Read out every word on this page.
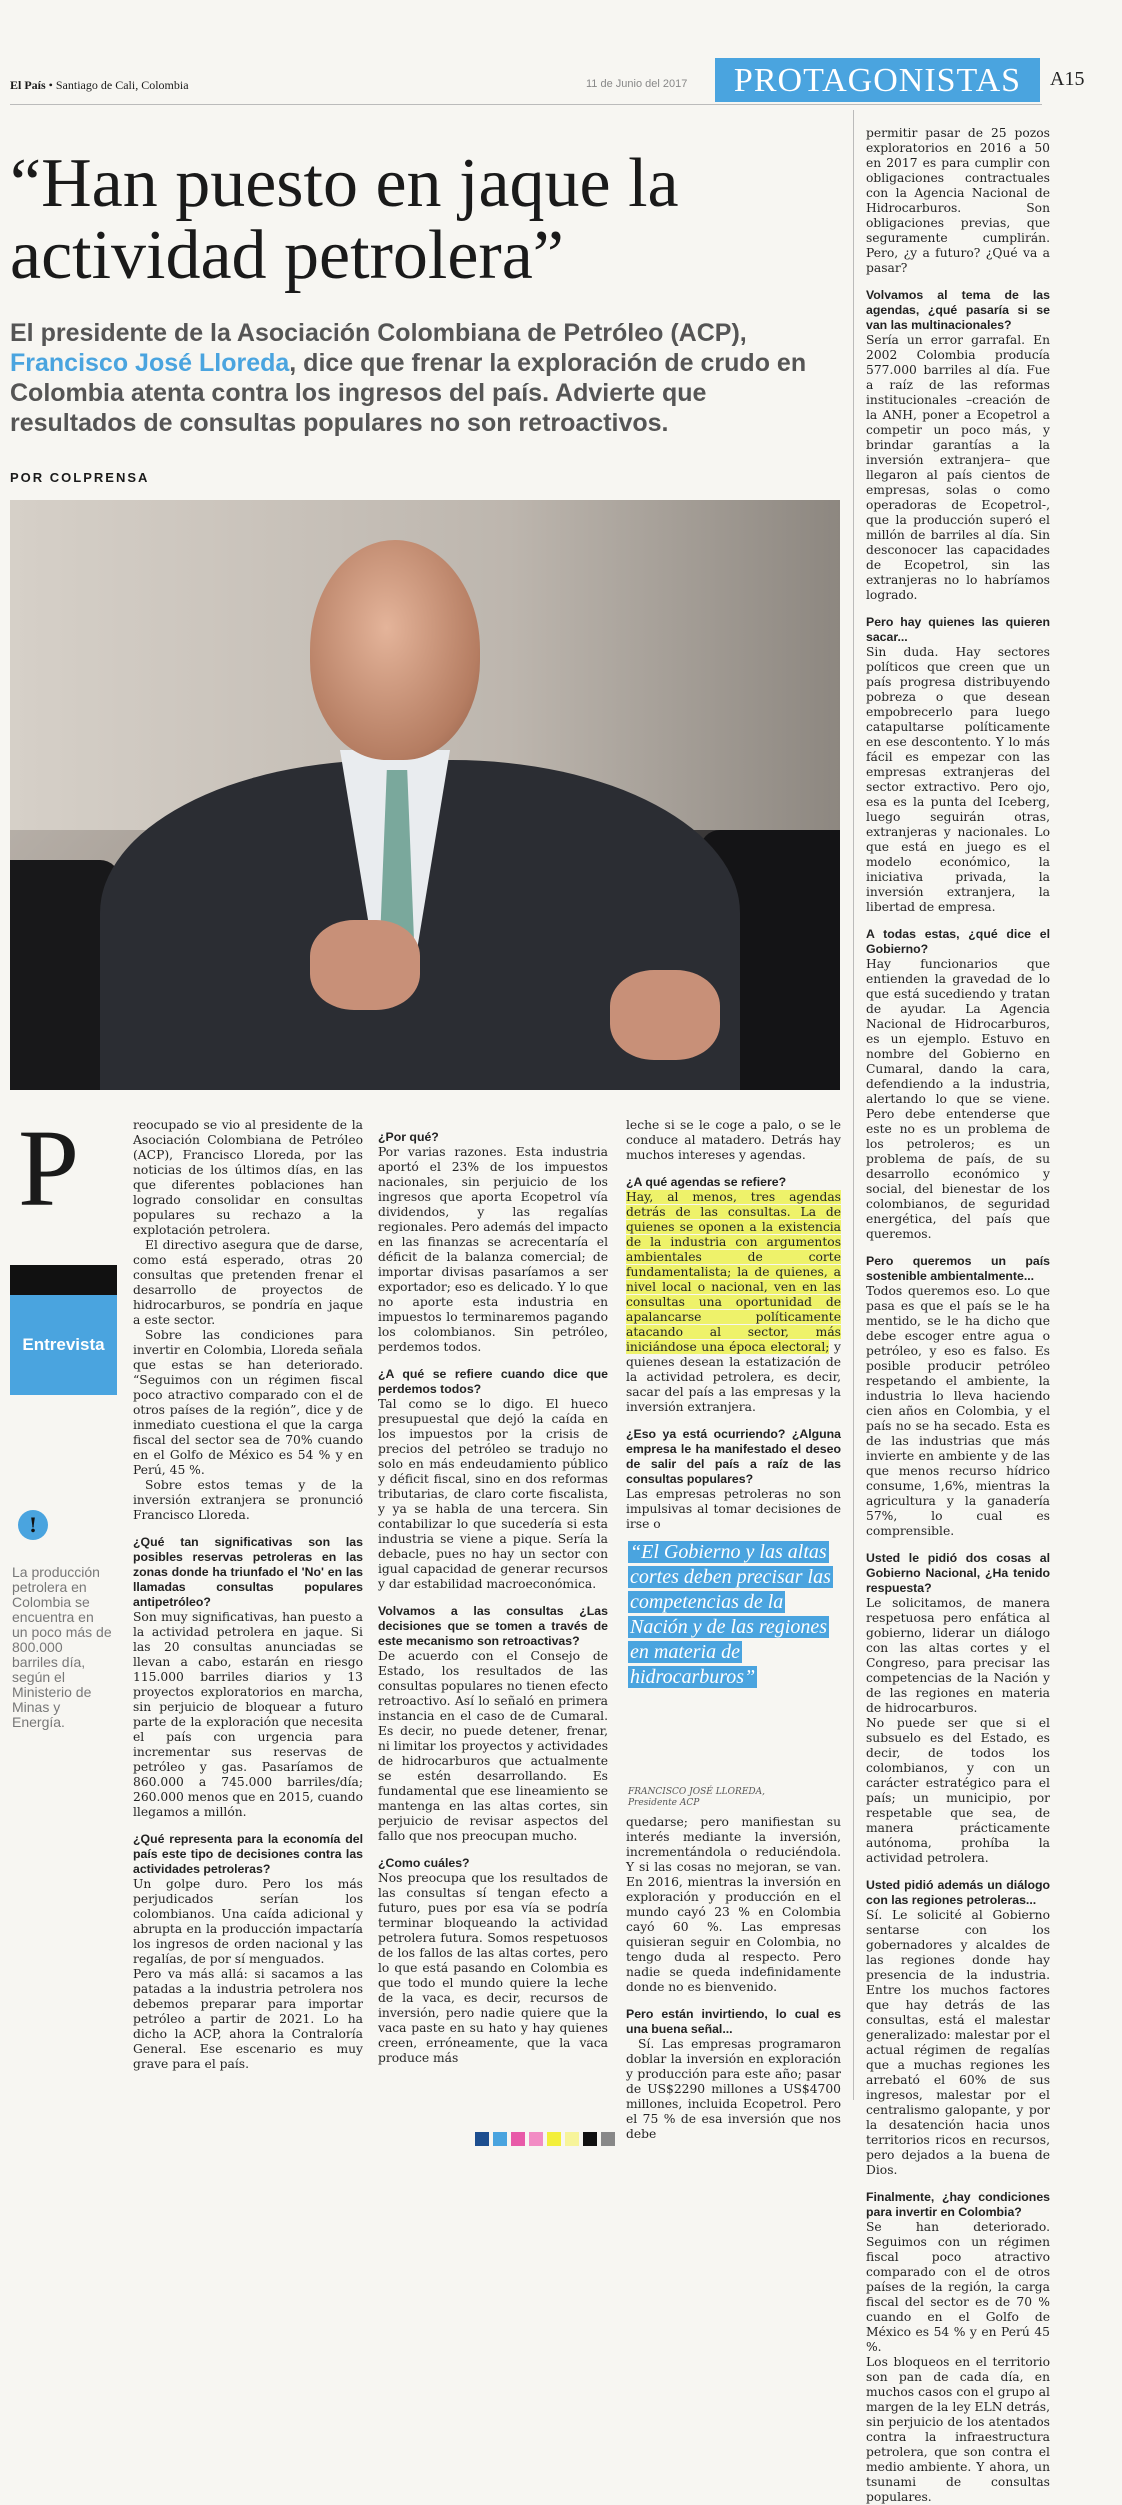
El País • Santiago de Cali, Colombia	11 de Junio del 2017	PROTAGONISTAS	A15
“Han puesto en jaque la actividad petrolera”
El presidente de la Asociación Colombiana de Petróleo (ACP), Francisco José Lloreda, dice que frenar la exploración de crudo en Colombia atenta contra los ingresos del país. Advierte que resultados de consultas populares no son retroactivos.
POR COLPRENSA
P
Entrevista
!
La producción petrolera en Colombia se encuentra en un poco más de 800.000 barriles día, según el Ministerio de Minas y Energía.

reocupado se vio al presidente de la Asociación Colombiana de Petróleo (ACP), Francisco Lloreda, por las noticias de los últimos días, en las que diferentes poblaciones han logrado consolidar en consultas populares su rechazo a la explotación petrolera.

El directivo asegura que de darse, como está esperado, otras 20 consultas que pretenden frenar el desarrollo de proyectos de hidrocarburos, se pondría en jaque a este sector.

Sobre las condiciones para invertir en Colombia, Lloreda señala que estas se han deteriorado. “Seguimos con un régimen fiscal poco atractivo comparado con el de otros países de la región”, dice y de inmediato cuestiona el que la carga fiscal del sector sea de 70% cuando en el Golfo de México es 54 % y en Perú, 45 %.

Sobre estos temas y de la inversión extranjera se pronunció Francisco Lloreda.

¿Qué tan significativas son las posibles reservas petroleras en las zonas donde ha triunfado el 'No' en las llamadas consultas populares antipetróleo?

Son muy significativas, han puesto a la actividad petrolera en jaque. Si las 20 consultas anunciadas se llevan a cabo, estarán en riesgo 115.000 barriles diarios y 13 proyectos exploratorios en marcha, sin perjuicio de bloquear a futuro parte de la exploración que necesita el país con urgencia para incrementar sus reservas de petróleo y gas. Pasaríamos de 860.000 a 745.000 barriles/día; 260.000 menos que en 2015, cuando llegamos a millón.

¿Qué representa para la economía del país este tipo de decisiones contra las actividades petroleras?

Un golpe duro. Pero los más perjudicados serían los colombianos. Una caída adicional y abrupta en la producción impactaría los ingresos de orden nacional y las regalías, de por sí menguados.

Pero va más allá: si sacamos a las patadas a la industria petrolera nos debemos preparar para importar petróleo a partir de 2021. Lo ha dicho la ACP, ahora la Contraloría General. Ese escenario es muy grave para el país.

¿Por qué?

Por varias razones. Esta industria aportó el 23% de los impuestos nacionales, sin perjuicio de los ingresos que aporta Ecopetrol vía dividendos, y las regalías regionales. Pero además del impacto en las finanzas se acrecentaría el déficit de la balanza comercial; de importar divisas pasaríamos a ser exportador; eso es delicado. Y lo que no aporte esta industria en impuestos lo terminaremos pagando los colombianos. Sin petróleo, perdemos todos.

¿A qué se refiere cuando dice que perdemos todos?

Tal como se lo digo. El hueco presupuestal que dejó la caída en los impuestos por la crisis de precios del petróleo se tradujo no solo en más endeudamiento público y déficit fiscal, sino en dos reformas tributarias, de claro corte fiscalista, y ya se habla de una tercera. Sin contabilizar lo que sucedería si esta industria se viene a pique. Sería la debacle, pues no hay un sector con igual capacidad de generar recursos y dar estabilidad macroeconómica.

Volvamos a las consultas ¿Las decisiones que se tomen a través de este mecanismo son retroactivas?

De acuerdo con el Consejo de Estado, los resultados de las consultas populares no tienen efecto retroactivo. Así lo señaló en primera instancia en el caso de de Cumaral. Es decir, no puede detener, frenar, ni limitar los proyectos y actividades de hidrocarburos que actualmente se estén desarrollando. Es fundamental que ese lineamiento se mantenga en las altas cortes, sin perjuicio de revisar aspectos del fallo que nos preocupan mucho.

¿Como cuáles?

Nos preocupa que los resultados de las consultas sí tengan efecto a futuro, pues por esa vía se podría terminar bloqueando la actividad petrolera futura. Somos respetuosos de los fallos de las altas cortes, pero lo que está pasando en Colombia es que todo el mundo quiere la leche de la vaca, es decir, recursos de inversión, pero nadie quiere que la vaca paste en su hato y hay quienes creen, erróneamente, que la vaca produce más

leche si se le coge a palo, o se le conduce al matadero. Detrás hay muchos intereses y agendas.

¿A qué agendas se refiere?

Hay, al menos, tres agendas detrás de las consultas. La de quienes se oponen a la existencia de la industria con argumentos ambientales de corte fundamentalista; la de quienes, a nivel local o nacional, ven en las consultas una oportunidad de apalancarse políticamente atacando al sector, más iniciándose una época electoral; y quienes desean la estatización de la actividad petrolera, es decir, sacar del país a las empresas y la inversión extranjera.

¿Eso ya está ocurriendo? ¿Alguna empresa le ha manifestado el deseo de salir del país a raíz de las consultas populares?

Las empresas petroleras no son impulsivas al tomar decisiones de irse o

“El Gobierno y las altas cortes deben precisar las competencias de la Nación y de las regiones en materia de hidrocarburos”
FRANCISCO JOSÉ LLOREDA,
Presidente ACP

quedarse; pero manifiestan su interés mediante la inversión, incrementándola o reduciéndola. Y si las cosas no mejoran, se van. En 2016, mientras la inversión en exploración y producción en el mundo cayó 23 % en Colombia cayó 60 %. Las empresas quisieran seguir en Colombia, no tengo duda al respecto. Pero nadie se queda indefinidamente donde no es bienvenido.

Pero están invirtiendo, lo cual es una buena señal...

Sí. Las empresas programaron doblar la inversión en exploración y producción para este año; pasar de US$2290 millones a US$4700 millones, incluida Ecopetrol. Pero el 75 % de esa inversión que nos debe

permitir pasar de 25 pozos exploratorios en 2016 a 50 en 2017 es para cumplir con obligaciones contractuales con la Agencia Nacional de Hidrocarburos. Son obligaciones previas, que seguramente cumplirán. Pero, ¿y a futuro? ¿Qué va a pasar?

Volvamos al tema de las agendas, ¿qué pasaría si se van las multinacionales?

Sería un error garrafal. En 2002 Colombia producía 577.000 barriles al día. Fue a raíz de las reformas institucionales –creación de la ANH, poner a Ecopetrol a competir un poco más, y brindar garantías a la inversión extranjera– que llegaron al país cientos de empresas, solas o como operadoras de Ecopetrol-, que la producción superó el millón de barriles al día. Sin desconocer las capacidades de Ecopetrol, sin las extranjeras no lo habríamos logrado.

Pero hay quienes las quieren sacar...

Sin duda. Hay sectores políticos que creen que un país progresa distribuyendo pobreza o que desean empobrecerlo para luego catapultarse políticamente en ese descontento. Y lo más fácil es empezar con las empresas extranjeras del sector extractivo. Pero ojo, esa es la punta del Iceberg, luego seguirán otras, extranjeras y nacionales. Lo que está en juego es el modelo económico, la iniciativa privada, la inversión extranjera, la libertad de empresa.

A todas estas, ¿qué dice el Gobierno?

Hay funcionarios que entienden la gravedad de lo que está sucediendo y tratan de ayudar. La Agencia Nacional de Hidrocarburos, es un ejemplo. Estuvo en nombre del Gobierno en Cumaral, dando la cara, defendiendo a la industria, alertando lo que se viene. Pero debe entenderse que este no es un problema de los petroleros; es un problema de país, de su desarrollo económico y social, del bienestar de los colombianos, de seguridad energética, del país que queremos.

Pero queremos un país sostenible ambientalmente...

Todos queremos eso. Lo que pasa es que el país se le ha mentido, se le ha dicho que debe escoger entre agua o petróleo, y eso es falso. Es posible producir petróleo respetando el ambiente, la industria lo lleva haciendo cien años en Colombia, y el país no se ha secado. Esta es de las industrias que más invierte en ambiente y de las que menos recurso hídrico consume, 1,6%, mientras la agricultura y la ganadería 57%, lo cual es comprensible.

Usted le pidió dos cosas al Gobierno Nacional, ¿Ha tenido respuesta?

Le solicitamos, de manera respetuosa pero enfática al gobierno, liderar un diálogo con las altas cortes y el Congreso, para precisar las competencias de la Nación y de las regiones en materia de hidrocarburos.

No puede ser que si el subsuelo es del Estado, es decir, de todos los colombianos, y con un carácter estratégico para el país; un municipio, por respetable que sea, de manera prácticamente autónoma, prohíba la actividad petrolera.

Usted pidió además un diálogo con las regiones petroleras...

Sí. Le solicité al Gobierno sentarse con los gobernadores y alcaldes de las regiones donde hay presencia de la industria. Entre los muchos factores que hay detrás de las consultas, está el malestar generalizado: malestar por el actual régimen de regalías que a muchas regiones les arrebató el 60% de sus ingresos, malestar por el centralismo galopante, y por la desatención hacia unos territorios ricos en recursos, pero dejados a la buena de Dios.

Finalmente, ¿hay condiciones para invertir en Colombia?

Se han deteriorado. Seguimos con un régimen fiscal poco atractivo comparado con el de otros países de la región, la carga fiscal del sector es de 70 % cuando en el Golfo de México es 54 % y en Perú 45 %.

Los bloqueos en el territorio son pan de cada día, en muchos casos con el grupo al margen de la ley ELN detrás, sin perjuicio de los atentados contra la infraestructura petrolera, que son contra el medio ambiente. Y ahora, un tsunami de consultas populares.
